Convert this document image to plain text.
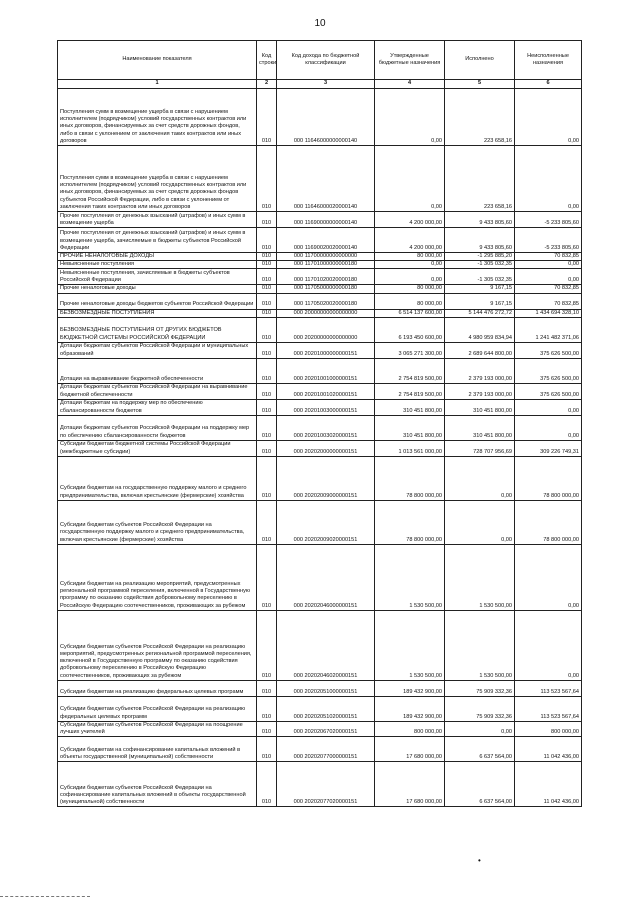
10
Наименование показателя	Код строки	Код дохода по бюджетной классификации	Утвержденные бюджетные назначения	Исполнено	Неисполненные назначения
1	2	3	4	5	6
Поступления сумм в возмещение ущерба в связи с нарушением исполнителем (подрядчиком) условий государственных контрактов или иных договоров, финансируемых за счет средств дорожных фондов, либо в связи с уклонением от заключения таких контрактов или иных договоров	010	000 11646000000000140	0,00	223 658,16	0,00
Поступления сумм в возмещение ущерба в связи с нарушением исполнителем (подрядчиком) условий государственных контрактов или иных договоров, финансируемых за счет средств дорожных фондов субъектов Российской Федерации, либо в связи с уклонением от заключения таких контрактов или иных договоров	010	000 11646000020000140	0,00	223 658,16	0,00
Прочие поступления от денежных взысканий (штрафов) и иных сумм в возмещение ущерба	010	000 11690000000000140	4 200 000,00	9 433 805,60	-5 233 805,60
Прочие поступления от денежных взысканий (штрафов) и иных сумм в возмещение ущерба, зачисляемые в бюджеты субъектов Российской Федерации	010	000 11690020020000140	4 200 000,00	9 433 805,60	-5 233 805,60
ПРОЧИЕ НЕНАЛОГОВЫЕ ДОХОДЫ	010	000 11700000000000000	80 000,00	-1 295 885,20	70 832,85
Невыясненные поступления	010	000 11701000000000180	0,00	-1 305 032,35	0,00
Невыясненные поступления, зачисляемые в бюджеты субъектов Российской Федерации	010	000 11701020020000180	0,00	-1 305 032,35	0,00
Прочие неналоговые доходы	010	000 11705000000000180	80 000,00	9 167,15	70 832,85
Прочие неналоговые доходы бюджетов субъектов Российской Федерации	010	000 11705020020000180	80 000,00	9 167,15	70 832,85
БЕЗВОЗМЕЗДНЫЕ ПОСТУПЛЕНИЯ	010	000 20000000000000000	6 514 137 600,00	5 144 476 272,72	1 434 694 328,10
БЕЗВОЗМЕЗДНЫЕ ПОСТУПЛЕНИЯ ОТ ДРУГИХ БЮДЖЕТОВ БЮДЖЕТНОЙ СИСТЕМЫ РОССИЙСКОЙ ФЕДЕРАЦИИ	010	000 20200000000000000	6 193 450 600,00	4 980 959 834,94	1 241 482 371,06
Дотации бюджетам субъектов Российской Федерации и муниципальных образований	010	000 20201000000000151	3 065 271 300,00	2 689 644 800,00	375 626 500,00
Дотации на выравнивание бюджетной обеспеченности	010	000 20201001000000151	2 754 819 500,00	2 379 193 000,00	375 626 500,00
Дотации бюджетам субъектов Российской Федерации на выравнивание бюджетной обеспеченности	010	000 20201001020000151	2 754 819 500,00	2 379 193 000,00	375 626 500,00
Дотации бюджетам на поддержку мер по обеспечению сбалансированности бюджетов	010	000 20201003000000151	310 451 800,00	310 451 800,00	0,00
Дотации бюджетам субъектов Российской Федерации на поддержку мер по обеспечению сбалансированности бюджетов	010	000 20201003020000151	310 451 800,00	310 451 800,00	0,00
Субсидии бюджетам бюджетной системы Российской Федерации (межбюджетные субсидии)	010	000 20202000000000151	1 013 561 000,00	728 707 956,69	309 226 749,31
Субсидии бюджетам на государственную поддержку малого и среднего предпринимательства, включая крестьянские (фермерские) хозяйства	010	000 20202009000000151	78 800 000,00	0,00	78 800 000,00
Субсидии бюджетам субъектов Российской Федерации на государственную поддержку малого и среднего предпринимательства, включая крестьянские (фермерские) хозяйства	010	000 20202009020000151	78 800 000,00	0,00	78 800 000,00
Субсидии бюджетам на реализацию мероприятий, предусмотренных региональной программой переселения, включенной в Государственную программу по оказанию содействия добровольному переселению в Российскую Федерацию соотечественников, проживающих за рубежом	010	000 20202046000000151	1 530 500,00	1 530 500,00	0,00
Субсидии бюджетам субъектов Российской Федерации на реализацию мероприятий, предусмотренных региональной программой переселения, включенной в Государственную программу по оказанию содействия добровольному переселению в Российскую Федерацию соотечественников, проживающих за рубежом	010	000 20202046020000151	1 530 500,00	1 530 500,00	0,00
Субсидии бюджетам на реализацию федеральных целевых программ	010	000 20202051000000151	189 432 900,00	75 909 332,36	113 523 567,64
Субсидии бюджетам субъектов Российской Федерации на реализацию федеральных целевых программ	010	000 20202051020000151	189 432 900,00	75 909 332,36	113 523 567,64
Субсидии бюджетам субъектов Российской Федерации на поощрение лучших учителей	010	000 20202067020000151	800 000,00	0,00	800 000,00
Субсидии бюджетам на софинансирование капитальных вложений в объекты государственной (муниципальной) собственности	010	000 20202077000000151	17 680 000,00	6 637 564,00	11 042 436,00
Субсидии бюджетам субъектов Российской Федерации на софинансирование капитальных вложений в объекты государственной (муниципальной) собственности	010	000 20202077020000151	17 680 000,00	6 637 564,00	11 042 436,00
•
